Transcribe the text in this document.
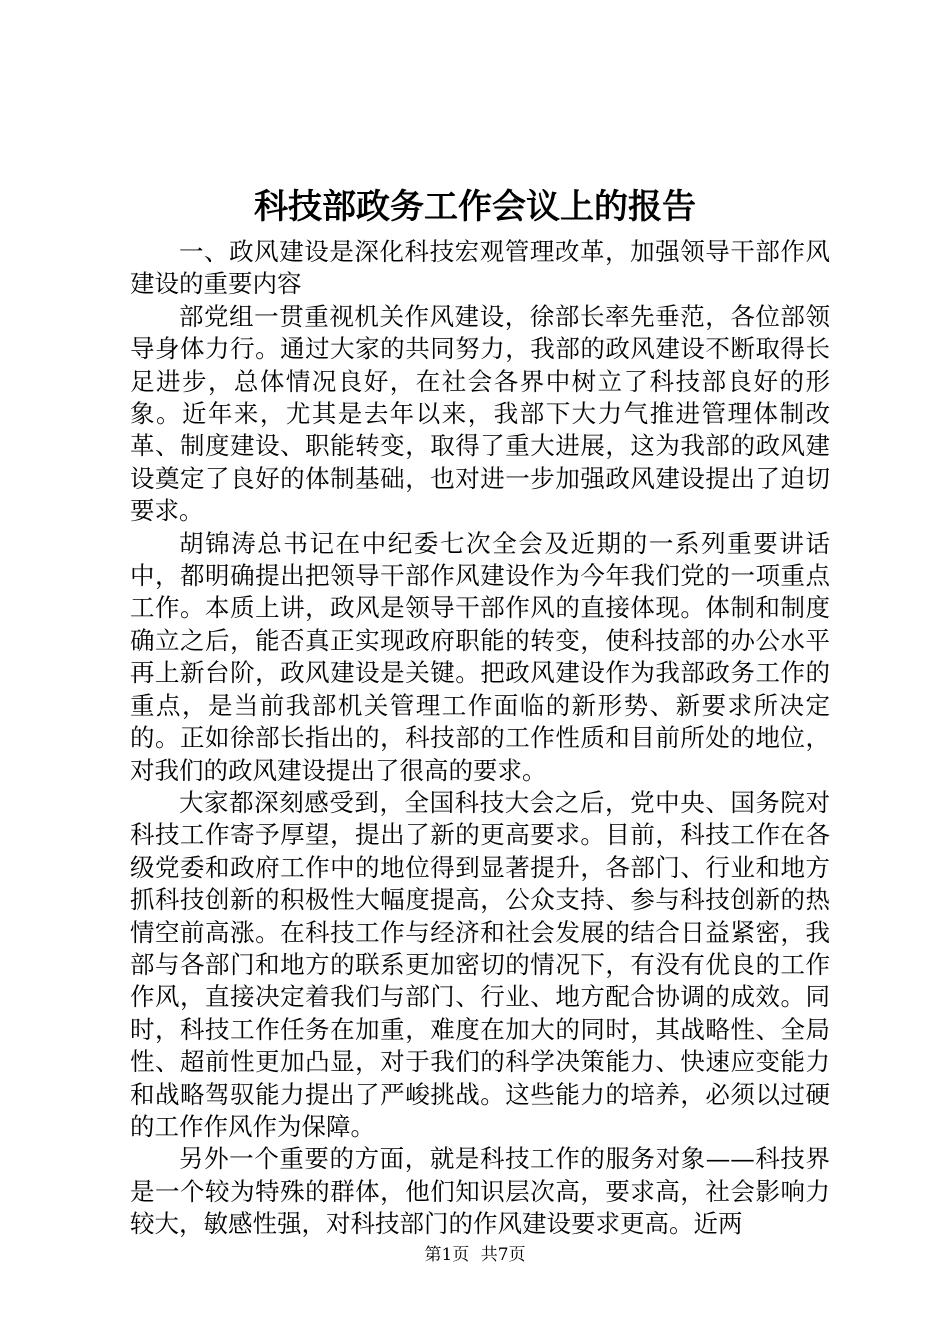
科技部政务工作会议上的报告

一、政风建设是深化科技宏观管理改革，加强领导干部作风建设的重要内容

部党组一贯重视机关作风建设，徐部长率先垂范，各位部领导身体力行。通过大家的共同努力，我部的政风建设不断取得长足进步，总体情况良好，在社会各界中树立了科技部良好的形象。近年来，尤其是去年以来，我部下大力气推进管理体制改革、制度建设、职能转变，取得了重大进展，这为我部的政风建设奠定了良好的体制基础，也对进一步加强政风建设提出了迫切要求。

胡锦涛总书记在中纪委七次全会及近期的一系列重要讲话中，都明确提出把领导干部作风建设作为今年我们党的一项重点工作。本质上讲，政风是领导干部作风的直接体现。体制和制度确立之后，能否真正实现政府职能的转变，使科技部的办公水平再上新台阶，政风建设是关键。把政风建设作为我部政务工作的重点，是当前我部机关管理工作面临的新形势、新要求所决定的。正如徐部长指出的，科技部的工作性质和目前所处的地位，对我们的政风建设提出了很高的要求。

大家都深刻感受到，全国科技大会之后，党中央、国务院对科技工作寄予厚望，提出了新的更高要求。目前，科技工作在各级党委和政府工作中的地位得到显著提升，各部门、行业和地方抓科技创新的积极性大幅度提高，公众支持、参与科技创新的热情空前高涨。在科技工作与经济和社会发展的结合日益紧密，我部与各部门和地方的联系更加密切的情况下，有没有优良的工作作风，直接决定着我们与部门、行业、地方配合协调的成效。同时，科技工作任务在加重，难度在加大的同时，其战略性、全局性、超前性更加凸显，对于我们的科学决策能力、快速应变能力和战略驾驭能力提出了严峻挑战。这些能力的培养，必须以过硬的工作作风作为保障。

另外一个重要的方面，就是科技工作的服务对象——科技界是一个较为特殊的群体，他们知识层次高，要求高，社会影响力较大，敏感性强，对科技部门的作风建设要求更高。近两

第1页 共7页
